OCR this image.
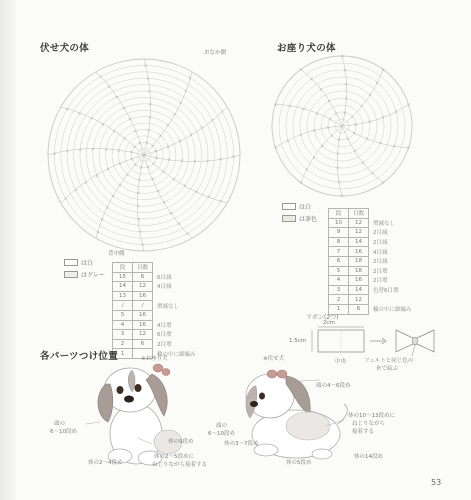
伏せ犬の体	おなか側
×
×
×
×
×
×
×
×
×
×
×
×
×
×
×
×
×
×
×
×
×
× × × × × × ×
×
×
×
×
×
×
×
×
×
×
×
×
×
×
×
×
×
×
×
×
×
×
×
×
×
×
×
×
×
×
×
×
×
×
×
×
×
×
×
×
×
×
×
×
×
×
×
×
×
×
×
×
×
×
×
×
背中側
お座り犬の体
×
×
×
×
×
×
×
×
×
×
×
×
×
×
×
×
×
×
×	×
×
×
×
×
×
×
×
×
×
×
×
×
×
×
×
×
×
×
×
×
×
×
×
×
×
×
×
×
×
×
は白
はグレー
は白
は茶色
段	目数	
15	6	6目減
14	12	4目減
13	16	
/	/	増減なし
5	16	
4	16	4目増
3	12	6目増
2	6	2目増
1		輪の中に細編み
段	目数	
10	12	増減なし
9	12	2目減
8	14	2目減
7	16	4目減
6	18	2目減
5	18	2目増
4	16	2目増
3	14	色替6目増
2	12	
1	6	輪の中に細編み
リボン(2つ)
2cm
1.5cm
中央	フェルトと同じ色の
糸で結ぶ
各パーツつけ位置	※お座り犬	※伏せ犬
頭の
6〜10段め
体の9段め
体の2〜5段めに
ねじりながら接着する
体の2〜4段め
頭の4〜6段め
頭の
6〜10段め
体の3〜7段め
体の10〜13段めに
ねじりながら
接着する
体の5段め
体の14段め
53
